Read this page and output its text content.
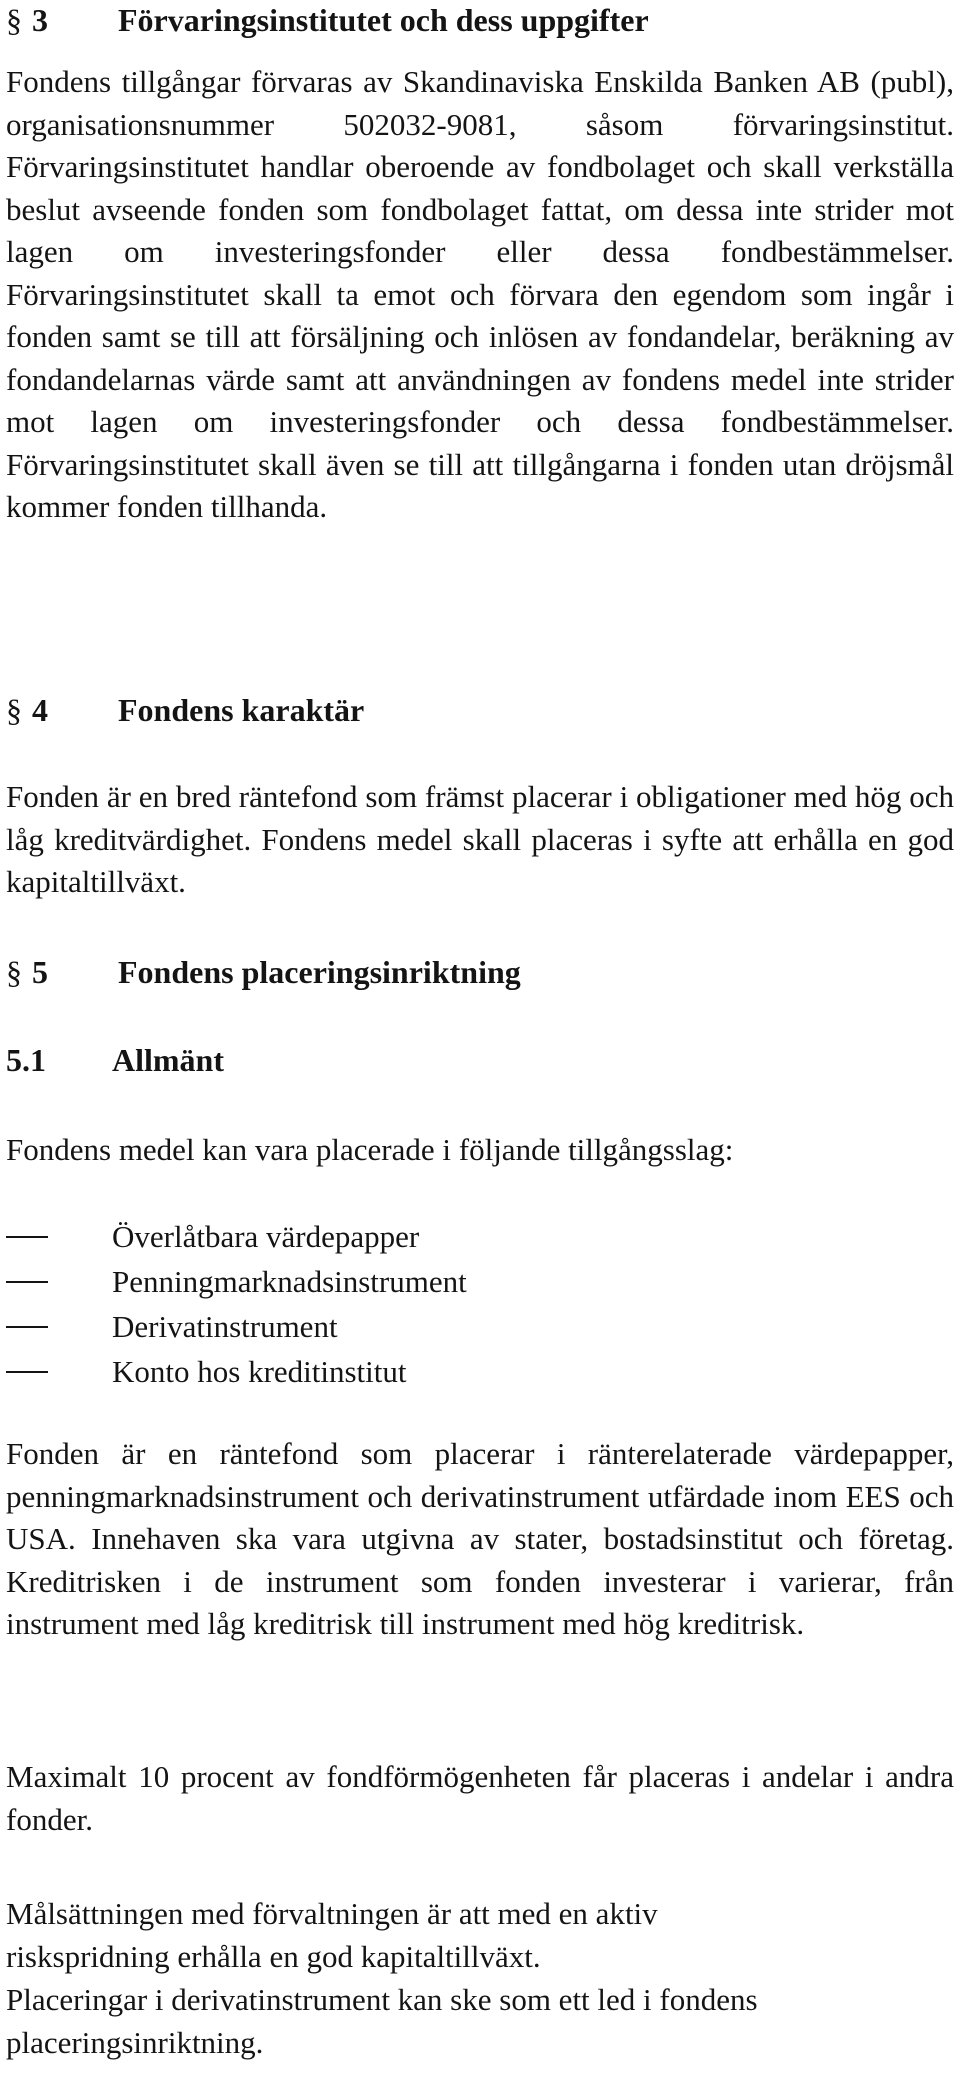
§ 3 Förvaringsinstitutet och dess uppgifter

Fondens tillgångar förvaras av Skandinaviska Enskilda Banken AB (publ), organisationsnummer 502032-9081, såsom förvaringsinstitut. Förvaringsinstitutet handlar oberoende av fondbolaget och skall verkställa beslut avseende fonden som fondbolaget fattat, om dessa inte strider mot lagen om investeringsfonder eller dessa fondbestämmelser. Förvaringsinstitutet skall ta emot och förvara den egendom som ingår i fonden samt se till att försäljning och inlösen av fondandelar, beräkning av fondandelarnas värde samt att användningen av fondens medel inte strider mot lagen om investeringsfonder och dessa fondbestämmelser. Förvaringsinstitutet skall även se till att tillgångarna i fonden utan dröjsmål kommer fonden tillhanda.

§ 4 Fondens karaktär

Fonden är en bred räntefond som främst placerar i obligationer med hög och låg kreditvärdighet. Fondens medel skall placeras i syfte att erhålla en god kapitaltillväxt.

§ 5 Fondens placeringsinriktning
5.1 Allmänt

Fondens medel kan vara placerade i följande tillgångsslag:

Överlåtbara värdepapper
Penningmarknadsinstrument
Derivatinstrument
Konto hos kreditinstitut

Fonden är en räntefond som placerar i ränterelaterade värdepapper, penningmarknadsinstrument och derivatinstrument utfärdade inom EES och USA. Innehaven ska vara utgivna av stater, bostadsinstitut och företag. Kreditrisken i de instrument som fonden investerar i varierar, från instrument med låg kreditrisk till instrument med hög kreditrisk.

Maximalt 10 procent av fondförmögenheten får placeras i andelar i andra fonder.

Målsättningen med förvaltningen är att med en aktiv
riskspridning erhålla en god kapitaltillväxt.
Placeringar i derivatinstrument kan ske som ett led i fondens
placeringsinriktning.
